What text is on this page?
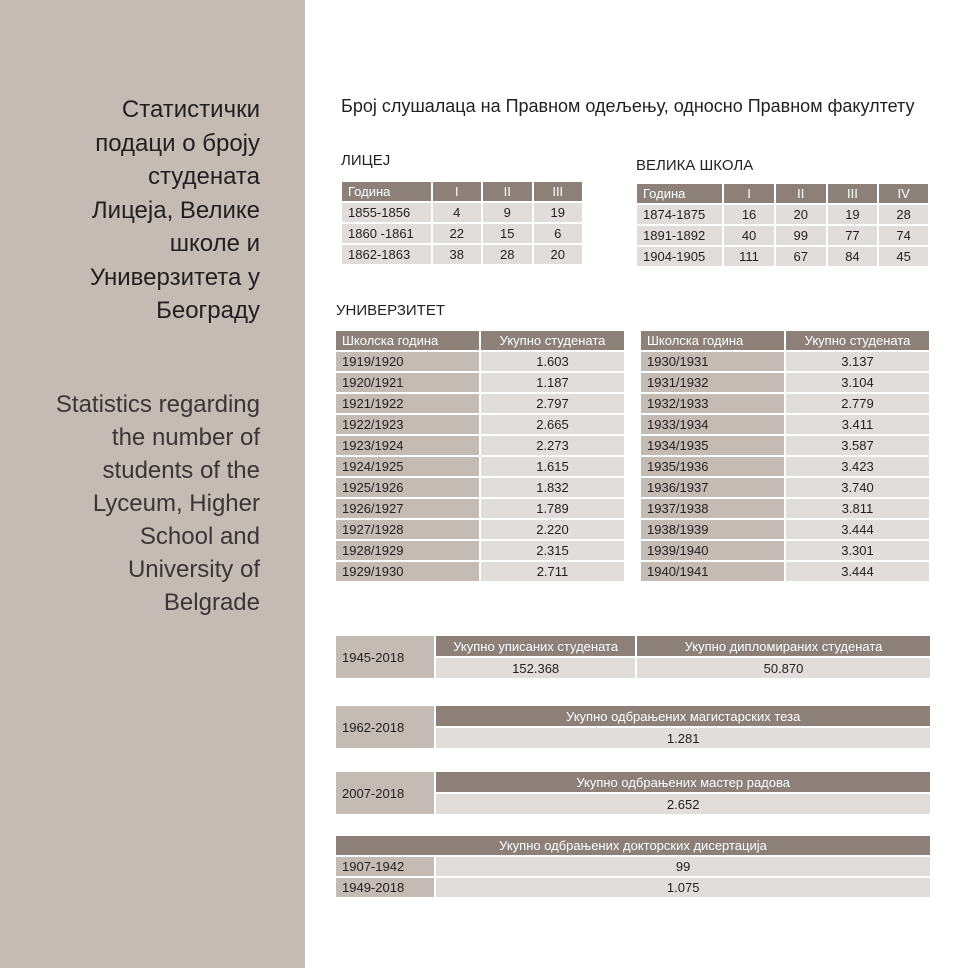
Статистички
подаци о броју
студената
Лицеја, Велике
школе и
Универзитета у
Београду
Statistics regarding
the number of
students of the
Lyceum, Higher
School and
University of
Belgrade
Број слушалаца на Правном одељењу, односно Правном факултету
ЛИЦЕЈ
Година	I	II	III
1855-1856	4	9	19
1860 -1861	22	15	6
1862-1863	38	28	20
ВЕЛИКА ШКОЛА
Година	I	II	III	IV
1874-1875	16	20	19	28
1891-1892	40	99	77	74
1904-1905	111	67	84	45
УНИВЕРЗИТЕТ
Школска година	Укупно студената
1919/1920	1.603
1920/1921	1.187
1921/1922	2.797
1922/1923	2.665
1923/1924	2.273
1924/1925	1.615
1925/1926	1.832
1926/1927	1.789
1927/1928	2.220
1928/1929	2.315
1929/1930	2.711
Школска година	Укупно студената
1930/1931	3.137
1931/1932	3.104
1932/1933	2.779
1933/1934	3.411
1934/1935	3.587
1935/1936	3.423
1936/1937	3.740
1937/1938	3.811
1938/1939	3.444
1939/1940	3.301
1940/1941	3.444
1945-2018	Укупно уписаних студената	Укупно дипломираних студената
	152.368	50.870
1962-2018	Укупно одбрањених магистарских теза
1.281
2007-2018	Укупно одбрањених мастер радова
2.652
Укупно одбрањених докторских дисертација	
1907-1942	99
1949-2018	1.075
